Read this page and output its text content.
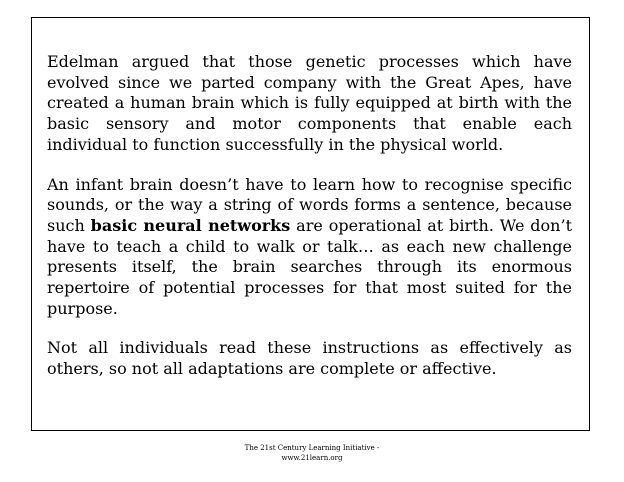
Edelman argued that those genetic processes which have evolved since we parted company with the Great Apes, have created a human brain which is fully equipped at birth with the basic sensory and motor components that enable each individual to function successfully in the physical world.

An infant brain doesn’t have to learn how to recognise specific sounds, or the way a string of words forms a sentence, because such basic neural networks are operational at birth. We don’t have to teach a child to walk or talk… as each new challenge presents itself, the brain searches through its enormous repertoire of potential processes for that most suited for the purpose.

Not all individuals read these instructions as effectively as others, so not all adaptations are complete or affective.

The 21st Century Learning Initiative -
www.21learn.org
